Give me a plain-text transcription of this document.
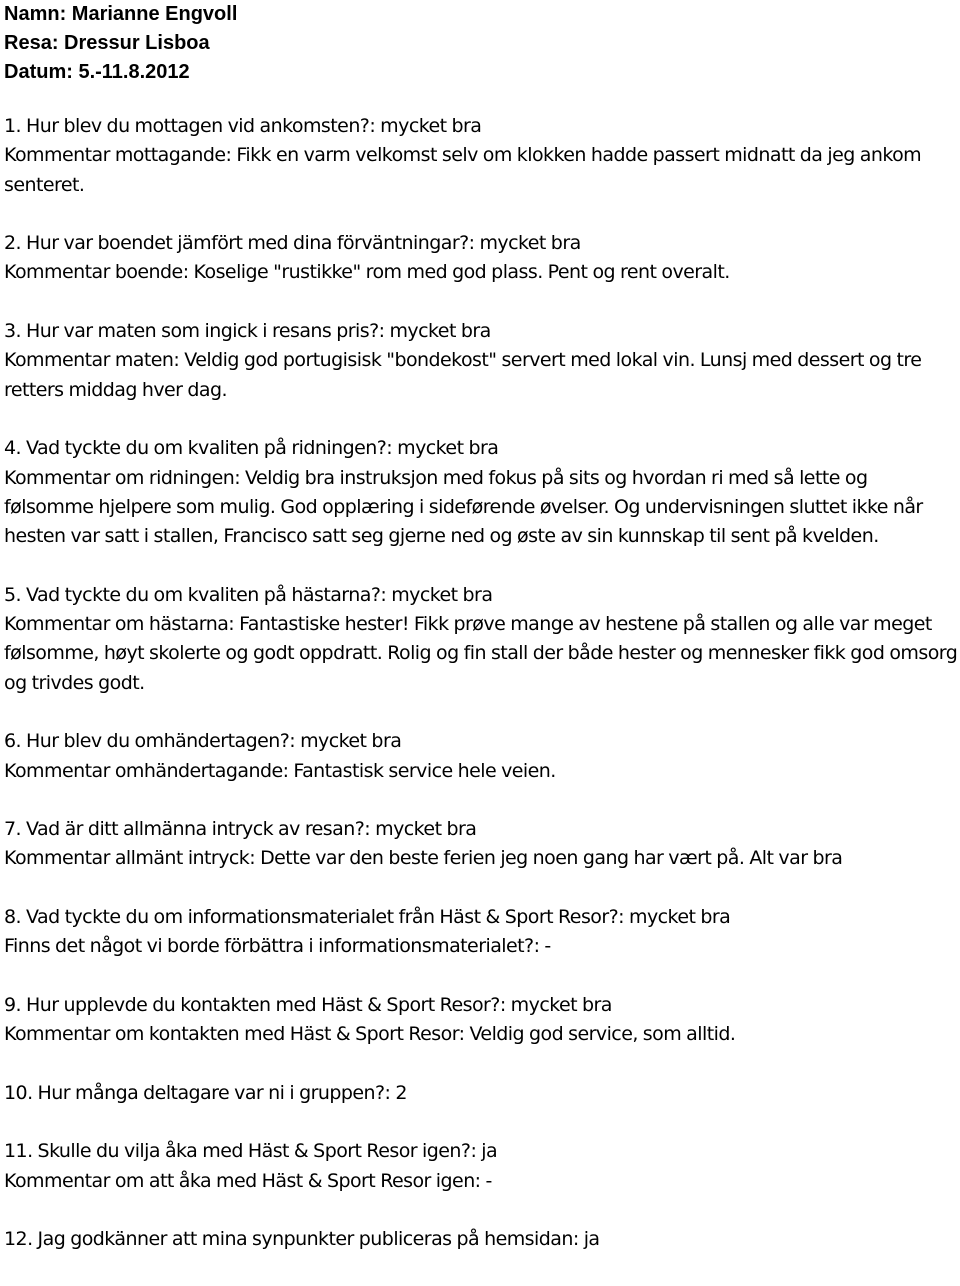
Namn: Marianne Engvoll
Resa: Dressur Lisboa
Datum: 5.-11.8.2012
1. Hur blev du mottagen vid ankomsten?: mycket bra
Kommentar mottagande: Fikk en varm velkomst selv om klokken hadde passert midnatt da jeg ankom senteret.
2. Hur var boendet jämfört med dina förväntningar?: mycket bra
Kommentar boende: Koselige "rustikke" rom med god plass. Pent og rent overalt.
3. Hur var maten som ingick i resans pris?: mycket bra
Kommentar maten: Veldig god portugisisk "bondekost" servert med lokal vin. Lunsj med dessert og tre retters middag hver dag.
4. Vad tyckte du om kvaliten på ridningen?: mycket bra
Kommentar om ridningen: Veldig bra instruksjon med fokus på sits og hvordan ri med så lette og følsomme hjelpere som mulig. God opplæring i sideførende øvelser. Og undervisningen sluttet ikke når hesten var satt i stallen, Francisco satt seg gjerne ned og øste av sin kunnskap til sent på kvelden.
5. Vad tyckte du om kvaliten på hästarna?: mycket bra
Kommentar om hästarna: Fantastiske hester! Fikk prøve mange av hestene på stallen og alle var meget følsomme, høyt skolerte og godt oppdratt. Rolig og fin stall der både hester og mennesker fikk god omsorg og trivdes godt.
6. Hur blev du omhändertagen?: mycket bra
Kommentar omhändertagande: Fantastisk service hele veien.
7. Vad är ditt allmänna intryck av resan?: mycket bra
Kommentar allmänt intryck: Dette var den beste ferien jeg noen gang har vært på. Alt var bra
8. Vad tyckte du om informationsmaterialet från Häst & Sport Resor?: mycket bra
Finns det något vi borde förbättra i informationsmaterialet?: -
9. Hur upplevde du kontakten med Häst & Sport Resor?: mycket bra
Kommentar om kontakten med Häst & Sport Resor: Veldig god service, som alltid.
10. Hur många deltagare var ni i gruppen?: 2
11. Skulle du vilja åka med Häst & Sport Resor igen?: ja
Kommentar om att åka med Häst & Sport Resor igen: -
12. Jag godkänner att mina synpunkter publiceras på hemsidan: ja
